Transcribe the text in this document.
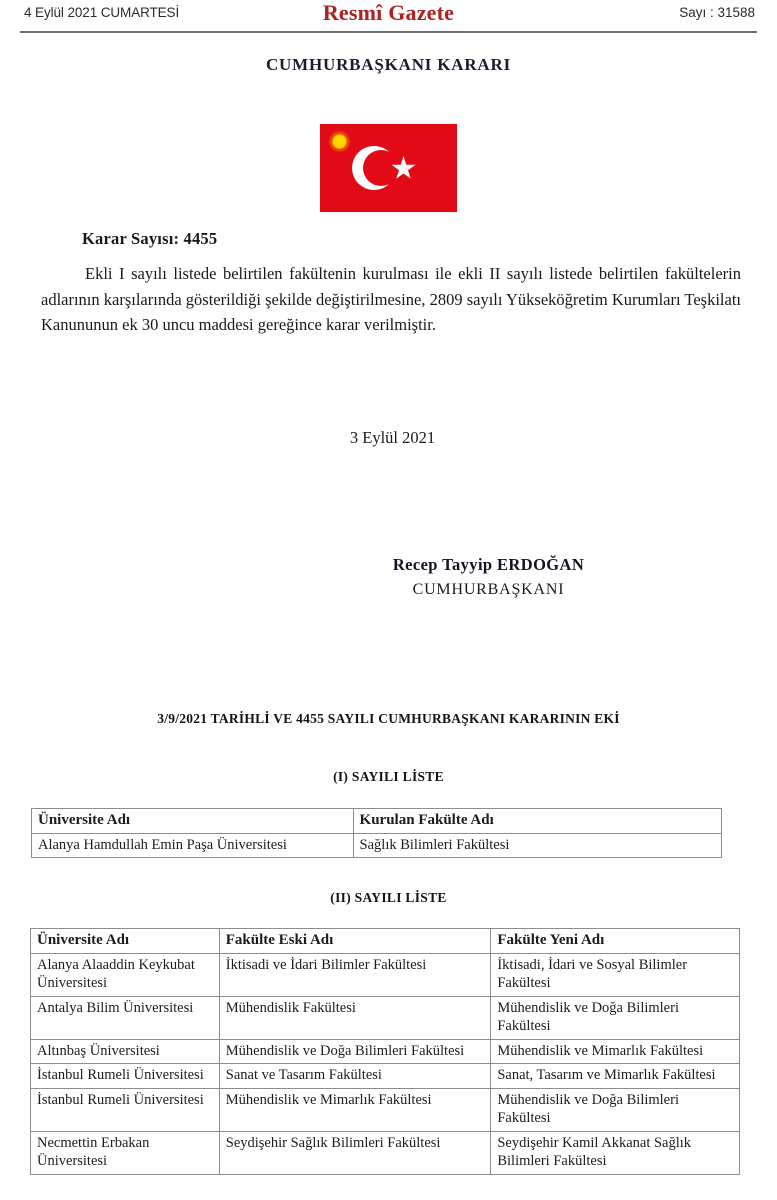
4 Eylül 2021 CUMARTESİ	Resmî Gazete	Sayı : 31588
CUMHURBAŞKANI KARARI
Karar Sayısı: 4455
Ekli I sayılı listede belirtilen fakültenin kurulması ile ekli II sayılı listede belirtilen fakültelerin adlarının karşılarında gösterildiği şekilde değiştirilmesine, 2809 sayılı Yükseköğretim Kurumları Teşkilatı Kanununun ek 30 uncu maddesi gereğince karar verilmiştir.
3 Eylül 2021
Recep Tayyip ERDOĞAN
CUMHURBAŞKANI
3/9/2021 TARİHLİ VE 4455 SAYILI CUMHURBAŞKANI KARARININ EKİ
(I) SAYILI LİSTE
(II) SAYILI LİSTE
Üniversite Adı	Kurulan Fakülte Adı
Alanya Hamdullah Emin Paşa Üniversitesi	Sağlık Bilimleri Fakültesi
Üniversite Adı	Fakülte Eski Adı	Fakülte Yeni Adı
Alanya Alaaddin Keykubat Üniversitesi	İktisadi ve İdari Bilimler Fakültesi	İktisadi, İdari ve Sosyal Bilimler Fakültesi
Antalya Bilim Üniversitesi	Mühendislik Fakültesi	Mühendislik ve Doğa Bilimleri Fakültesi
Altınbaş Üniversitesi	Mühendislik ve Doğa Bilimleri Fakültesi	Mühendislik ve Mimarlık Fakültesi
İstanbul Rumeli Üniversitesi	Sanat ve Tasarım Fakültesi	Sanat, Tasarım ve Mimarlık Fakültesi
İstanbul Rumeli Üniversitesi	Mühendislik ve Mimarlık Fakültesi	Mühendislik ve Doğa Bilimleri Fakültesi
Necmettin Erbakan Üniversitesi	Seydişehir Sağlık Bilimleri Fakültesi	Seydişehir Kamil Akkanat Sağlık Bilimleri Fakültesi
